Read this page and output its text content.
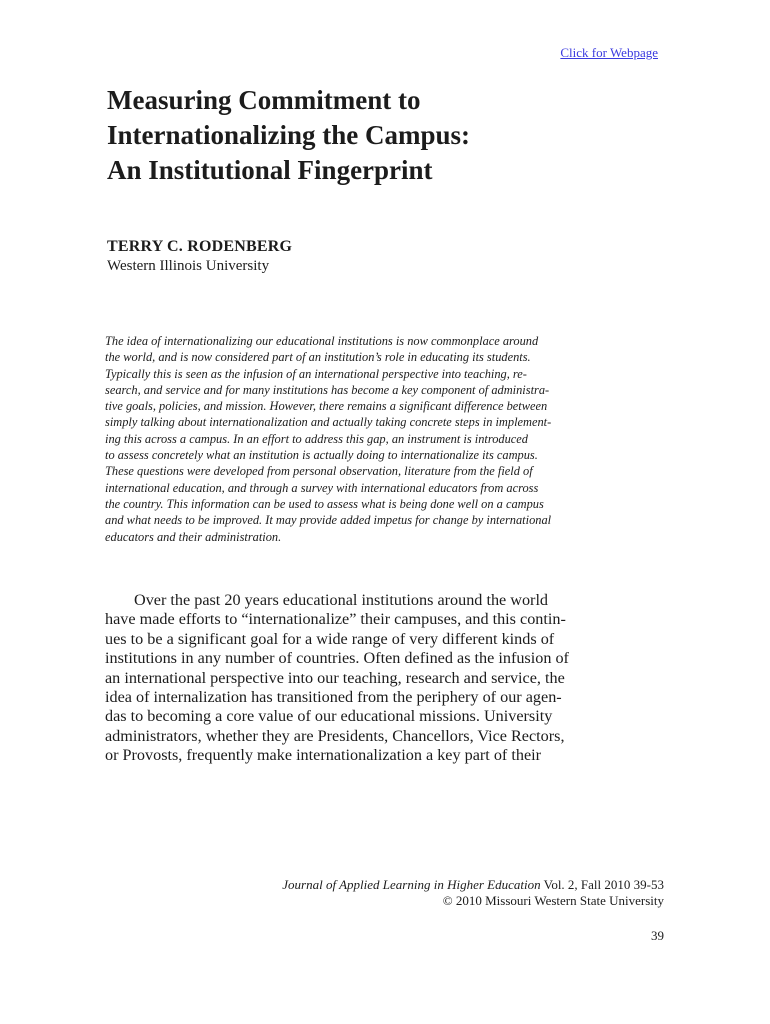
Click for Webpage
Measuring Commitment to
Internationalizing the Campus:
An Institutional Fingerprint
TERRY C. RODENBERG
Western Illinois University
The idea of internationalizing our educational institutions is now commonplace around
the world, and is now considered part of an institution’s role in educating its students.
Typically this is seen as the infusion of an international perspective into teaching, re-
search, and service and for many institutions has become a key component of administra-
tive goals, policies, and mission. However, there remains a significant difference between
simply talking about internationalization and actually taking concrete steps in implement-
ing this across a campus. In an effort to address this gap, an instrument is introduced
to assess concretely what an institution is actually doing to internationalize its campus.
These questions were developed from personal observation, literature from the field of
international education, and through a survey with international educators from across
the country. This information can be used to assess what is being done well on a campus
and what needs to be improved. It may provide added impetus for change by international
educators and their administration.
Over the past 20 years educational institutions around the world
have made efforts to “internationalize” their campuses, and this contin-
ues to be a significant goal for a wide range of very different kinds of
institutions in any number of countries. Often defined as the infusion of
an international perspective into our teaching, research and service, the
idea of internalization has transitioned from the periphery of our agen-
das to becoming a core value of our educational missions. University
administrators, whether they are Presidents, Chancellors, Vice Rectors,
or Provosts, frequently make internationalization a key part of their
Journal of Applied Learning in Higher Education Vol. 2, Fall 2010 39-53
© 2010 Missouri Western State University
39
